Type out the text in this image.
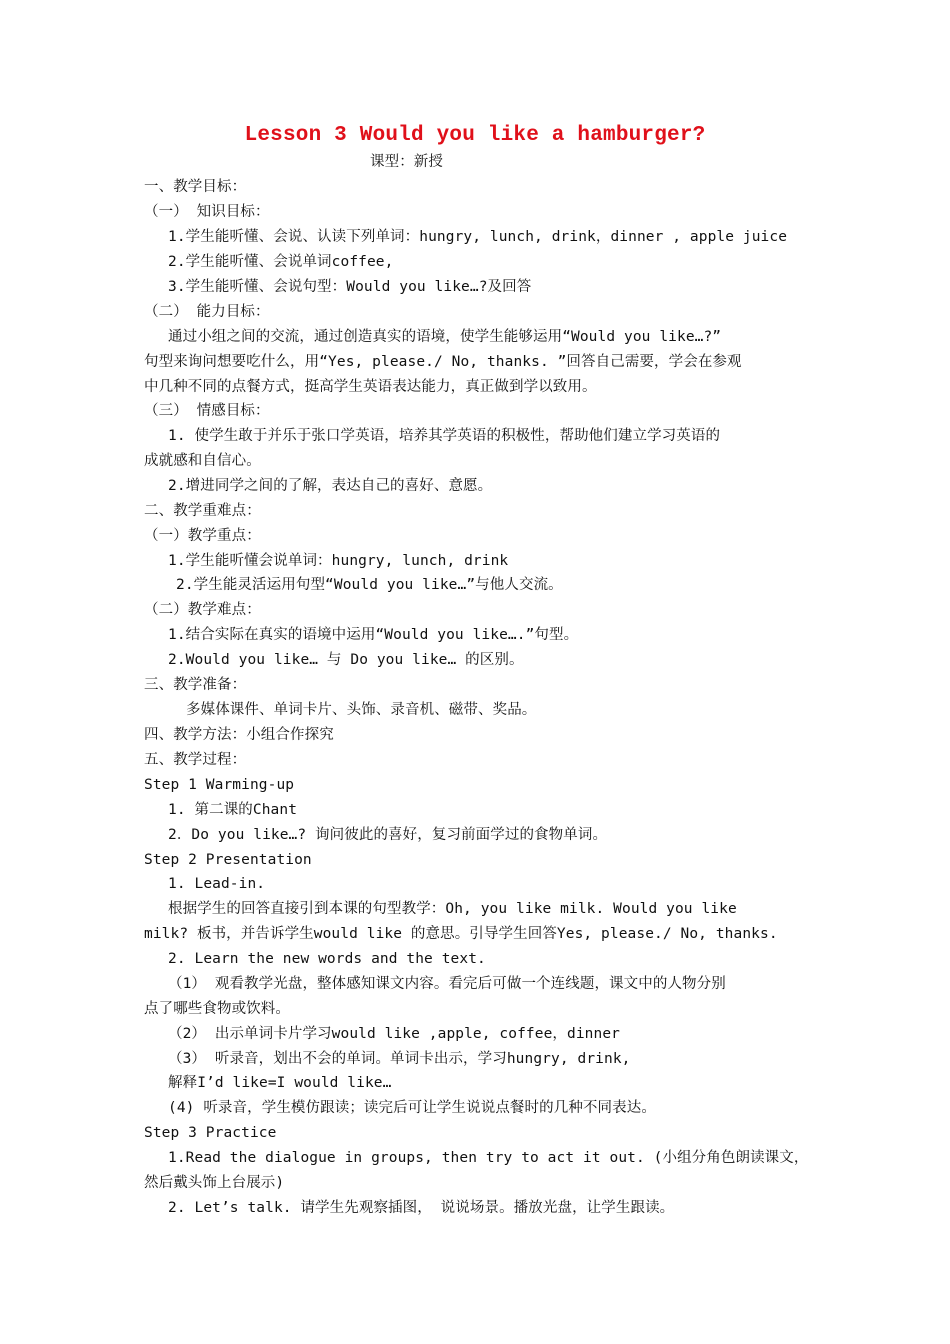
Lesson 3 Would you like a hamburger?
课型：新授
一、教学目标：
（一） 知识目标：
1.学生能听懂、会说、认读下列单词：hungry, lunch, drink，dinner , apple juice
2.学生能听懂、会说单词coffee,
3.学生能听懂、会说句型：Would you like…?及回答
（二） 能力目标：
通过小组之间的交流，通过创造真实的语境，使学生能够运用“Would you like…?”
句型来询问想要吃什么，用“Yes, please./ No, thanks. ”回答自己需要，学会在参观
中几种不同的点餐方式，挺高学生英语表达能力，真正做到学以致用。
（三） 情感目标：
1. 使学生敢于并乐于张口学英语，培养其学英语的积极性，帮助他们建立学习英语的
成就感和自信心。
2.增进同学之间的了解，表达自己的喜好、意愿。
二、教学重难点：
（一）教学重点：
1.学生能听懂会说单词：hungry, lunch, drink
2.学生能灵活运用句型“Would you like…”与他人交流。
（二）教学难点：
1.结合实际在真实的语境中运用“Would you like….”句型。
2.Would you like… 与 Do you like… 的区别。
三、教学准备：
多媒体课件、单词卡片、头饰、录音机、磁带、奖品。
四、教学方法：小组合作探究
五、教学过程：
Step 1 Warming-up
1. 第二课的Chant
2．Do you like…? 询问彼此的喜好，复习前面学过的食物单词。
Step 2 Presentation
1. Lead-in.
根据学生的回答直接引到本课的句型教学：Oh, you like milk. Would you like
milk? 板书，并告诉学生would like 的意思。引导学生回答Yes, please./ No, thanks.
2. Learn the new words and the text.
（1） 观看教学光盘，整体感知课文内容。看完后可做一个连线题，课文中的人物分别
点了哪些食物或饮料。
（2） 出示单词卡片学习would like ,apple, coffee，dinner
（3） 听录音，划出不会的单词。单词卡出示，学习hungry, drink,
解释I’d like=I would like…
(4) 听录音，学生模仿跟读；读完后可让学生说说点餐时的几种不同表达。
Step 3 Practice
1.Read the dialogue in groups, then try to act it out. (小组分角色朗读课文，
然后戴头饰上台展示)
2. Let’s talk. 请学生先观察插图， 说说场景。播放光盘，让学生跟读。
